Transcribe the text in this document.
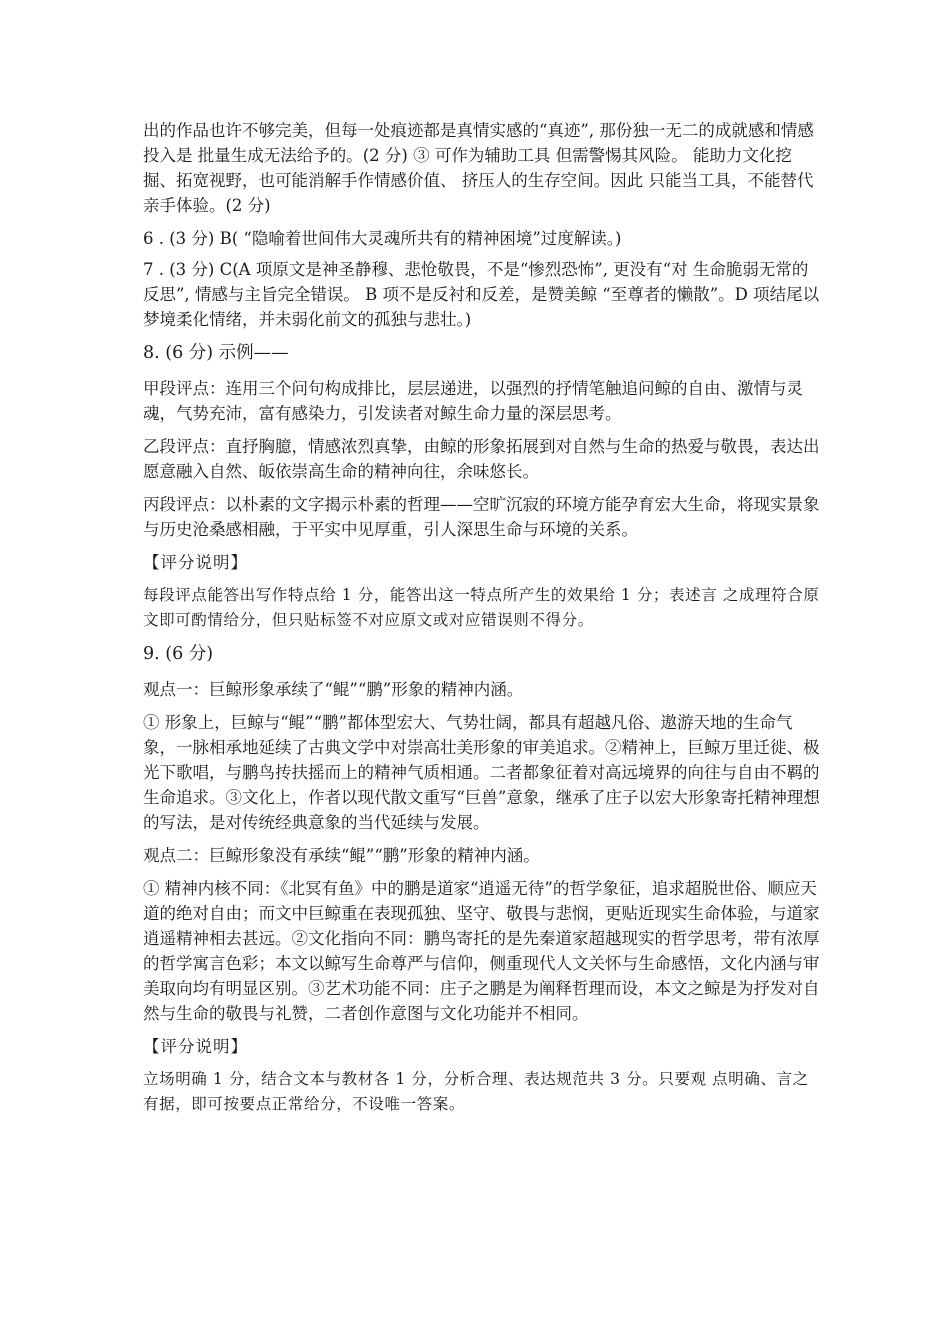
出的作品也许不够完美，但每一处痕迹都是真情实感的“真迹”, 那份独一无二的成就感和情感投入是 批量生成无法给予的。(2 分) ③ 可作为辅助工具 但需警惕其风险。 能助力文化挖掘、拓宽视野，也可能消解手作情感价值、 挤压人的生存空间。因此 只能当工具，不能替代亲手体验。(2 分)

6 . (3 分) B( “隐喻着世间伟大灵魂所共有的精神困境”过度解读。)

7 . (3 分) C(A 项原文是神圣静穆、悲怆敬畏，不是“惨烈恐怖”, 更没有“对 生命脆弱无常的反思”, 情感与主旨完全错误。 B 项不是反衬和反差，是赞美鲸 “至尊者的懒散”。D 项结尾以梦境柔化情绪，并未弱化前文的孤独与悲壮。)

8. (6 分) 示例——

甲段评点：连用三个问句构成排比，层层递进，以强烈的抒情笔触追问鲸的自由、激情与灵魂，气势充沛，富有感染力，引发读者对鲸生命力量的深层思考。

乙段评点：直抒胸臆，情感浓烈真挚，由鲸的形象拓展到对自然与生命的热爱与敬畏，表达出愿意融入自然、皈依崇高生命的精神向往，余味悠长。

丙段评点：以朴素的文字揭示朴素的哲理——空旷沉寂的环境方能孕育宏大生命，将现实景象与历史沧桑感相融，于平实中见厚重，引人深思生命与环境的关系。

【评分说明】

每段评点能答出写作特点给 1 分，能答出这一特点所产生的效果给 1 分；表述言 之成理符合原文即可酌情给分，但只贴标签不对应原文或对应错误则不得分。

9. (6 分)

观点一：巨鲸形象承续了“鲲”“鹏”形象的精神内涵。

① 形象上，巨鲸与“鲲”“鹏”都体型宏大、气势壮阔，都具有超越凡俗、遨游天地的生命气象，一脉相承地延续了古典文学中对崇高壮美形象的审美追求。②精神上，巨鲸万里迁徙、极光下歌唱，与鹏鸟抟扶摇而上的精神气质相通。二者都象征着对高远境界的向往与自由不羁的生命追求。③文化上，作者以现代散文重写“巨兽”意象，继承了庄子以宏大形象寄托精神理想的写法，是对传统经典意象的当代延续与发展。

观点二：巨鲸形象没有承续“鲲”“鹏”形象的精神内涵。

① 精神内核不同：《北冥有鱼》中的鹏是道家“逍遥无待”的哲学象征，追求超脱世俗、顺应天道的绝对自由；而文中巨鲸重在表现孤独、坚守、敬畏与悲悯，更贴近现实生命体验，与道家逍遥精神相去甚远。②文化指向不同：鹏鸟寄托的是先秦道家超越现实的哲学思考，带有浓厚的哲学寓言色彩；本文以鲸写生命尊严与信仰，侧重现代人文关怀与生命感悟，文化内涵与审美取向均有明显区别。③艺术功能不同：庄子之鹏是为阐释哲理而设，本文之鲸是为抒发对自然与生命的敬畏与礼赞，二者创作意图与文化功能并不相同。

【评分说明】

立场明确 1 分，结合文本与教材各 1 分，分析合理、表达规范共 3 分。只要观 点明确、言之有据，即可按要点正常给分，不设唯一答案。
